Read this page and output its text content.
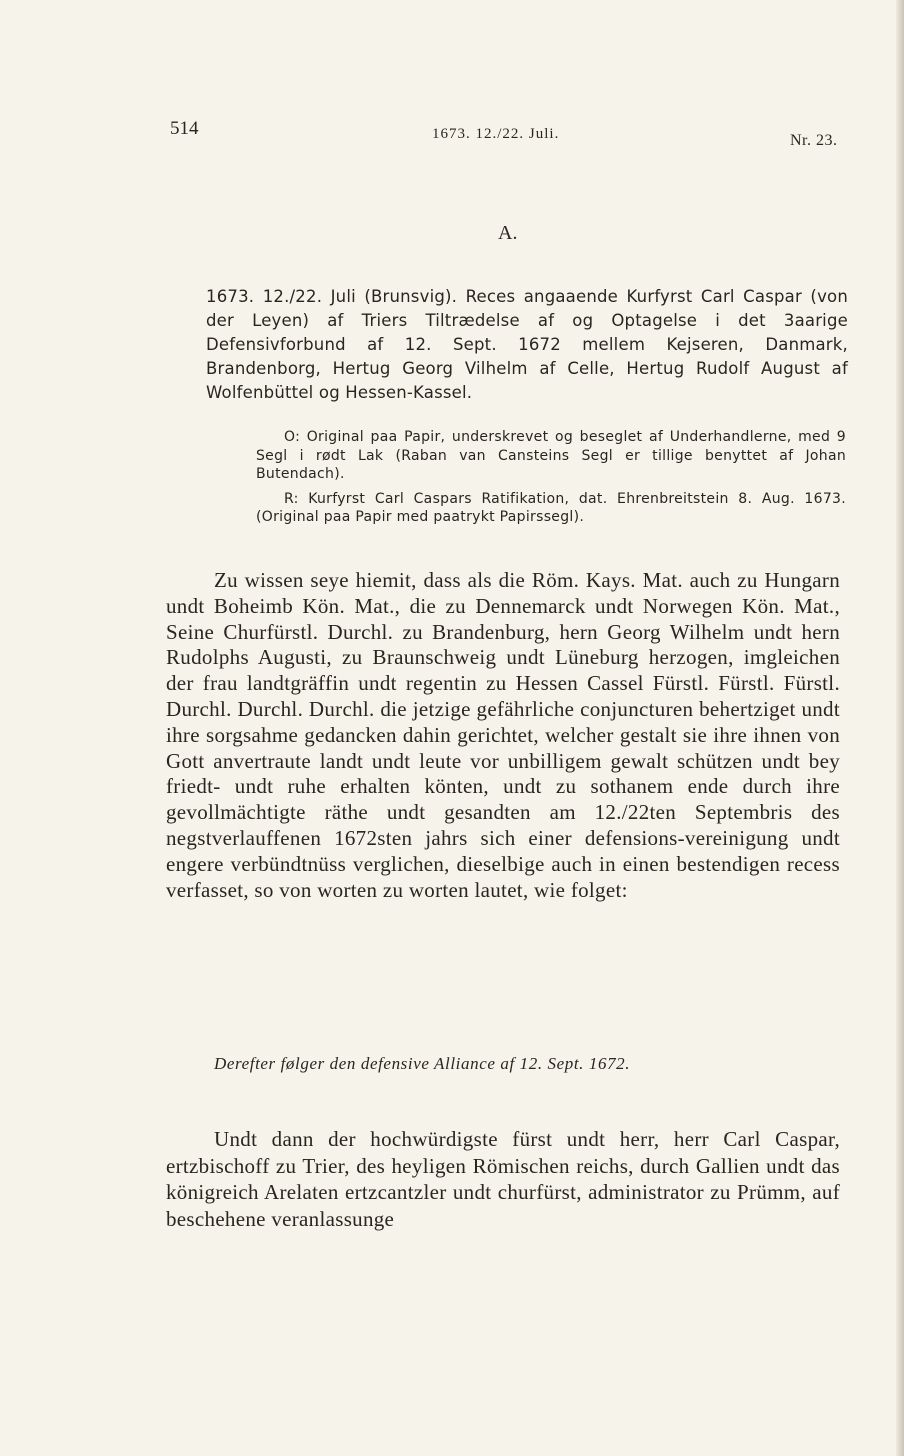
514	1673. 12./22. Juli.	Nr. 23.
A.

1673. 12./22. Juli (Brunsvig). Reces angaaende Kurfyrst Carl Caspar (von der Leyen) af Triers Tiltrædelse af og Optagelse i det 3aarige Defensivforbund af 12. Sept. 1672 mellem Kejseren, Danmark, Brandenborg, Hertug Georg Vilhelm af Celle, Hertug Rudolf August af Wolfenbüttel og Hessen-Kassel.

O: Original paa Papir, underskrevet og beseglet af Underhandlerne, med 9 Segl i rødt Lak (Raban van Cansteins Segl er tillige benyttet af Johan Butendach).

R: Kurfyrst Carl Caspars Ratifikation, dat. Ehrenbreitstein 8. Aug. 1673. (Original paa Papir med paatrykt Papirssegl).

Zu wissen seye hiemit, dass als die Röm. Kays. Mat. auch zu Hungarn undt Boheimb Kön. Mat., die zu Dennemarck undt Norwegen Kön. Mat., Seine Churfürstl. Durchl. zu Brandenburg, hern Georg Wilhelm undt hern Rudolphs Augusti, zu Braunschweig undt Lüneburg herzogen, imgleichen der frau landtgräffin undt regentin zu Hessen Cassel Fürstl. Fürstl. Fürstl. Durchl. Durchl. Durchl. die jetzige gefährliche conjuncturen behertziget undt ihre sorgsahme gedancken dahin gerichtet, welcher gestalt sie ihre ihnen von Gott anvertraute landt undt leute vor unbilligem gewalt schützen undt bey friedt- undt ruhe erhalten könten, undt zu sothanem ende durch ihre gevollmächtigte räthe undt gesandten am 12./22ten Septembris des negstverlauffenen 1672sten jahrs sich einer defensions-vereinigung undt engere verbündtnüss verglichen, dieselbige auch in einen bestendigen recess verfasset, so von worten zu worten lautet, wie folget:

Derefter følger den defensive Alliance af 12. Sept. 1672.

Undt dann der hochwürdigste fürst undt herr, herr Carl Caspar, ertzbischoff zu Trier, des heyligen Römischen reichs, durch Gallien undt das königreich Arelaten ertzcantzler undt churfürst, administrator zu Prümm, auf beschehene veranlassunge
